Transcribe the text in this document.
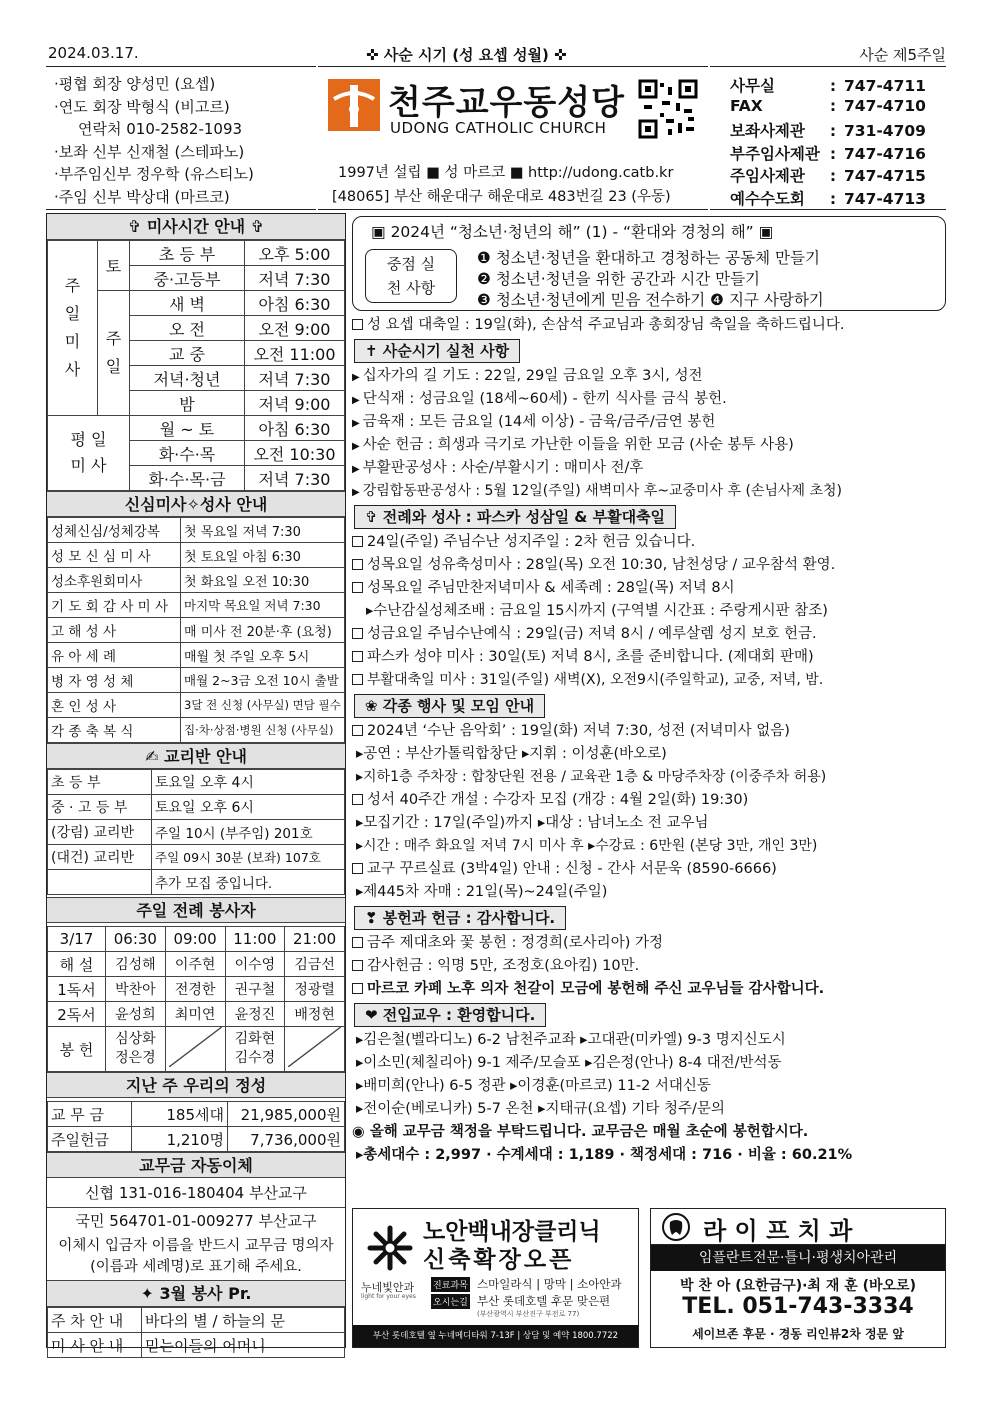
2024.03.17.	✜ 사순 시기 (성 요셉 성월) ✜	사순 제5주일
·평협 회장 양성민 (요셉)
·연도 회장 박형식 (비고르)
연락처 010-2582-1093
·보좌 신부 신재철 (스테파노)
·부주임신부 정우학 (유스티노)
·주임 신부 박상대 (마르코)
천주교우동성당
UDONG CATHOLIC CHURCH
1997년 설립 ■ 성 마르코 ■ http://udong.catb.kr
[48065] 부산 해운대구 해운대로 483번길 23 (우동)
사무실	: 747-4711
FAX	: 747-4710
보좌사제관 : 731-4709
부주임사제관 : 747-4716
주임사제관 : 747-4715
예수수도회 : 747-4713
✞ 미사시간 안내 ✞
주 일 미 사	토	초 등 부	오후 5:00
		중·고등부	저녁 7:30
	주 일	새 벽	아침 6:30
		오 전	오전 9:00
		교 중	오전 11:00
		저녁·청년	저녁 7:30
		밤	저녁 9:00
평 일 미 사		월 ~ 토	아침 6:30
		화·수·목	오전 10:30
		화·수·목·금	저녁 7:30
신심미사✧성사 안내
성체신심/성체강복	첫 목요일 저녁 7:30
성 모 신 심 미 사	첫 토요일 아침 6:30
성소후원회미사	첫 화요일 오전 10:30
기 도 회 감 사 미 사	마지막 목요일 저녁 7:30
고 해 성 사	매 미사 전 20분·후 (요청)
유 아 세 례	매월 첫 주일 오후 5시
병 자 영 성 체	매월 2~3금 오전 10시 출발
혼 인 성 사	3달 전 신청 (사무실) 면담 필수
각 종 축 복 식	집·차·상점·병원 신청 (사무실)
✍ 교리반 안내
초 등 부	토요일 오후 4시
중 · 고 등 부	토요일 오후 6시
(강림) 교리반	주일 10시 (부주임) 201호
(대건) 교리반	주일 09시 30분 (보좌) 107호
	추가 모집 중입니다.
주일 전례 봉사자
3/17	06:30	09:00	11:00	21:00
해 설	김성해	이주현	이수영	김금선
1독서	박찬아	전경한	권구철	정광렬
2독서	윤성희	최미연	윤정진	배정현
봉 헌	심상화 정은경		김화현 김수경	
지난 주 우리의 정성
교 무 금	185세대	21,985,000원
주일헌금	1,210명	7,736,000원
교무금 자동이체
신협 131-016-180404 부산교구
국민 564701-01-009277 부산교구
이체시 입금자 이름을 반드시 교무금 명의자(이름과 세례명)로 표기해 주세요.
✦ 3월 봉사 Pr.
주 차 안 내	바다의 별 / 하늘의 문
미 사 안 내	믿는이들의 어머니
▣ 2024년 “청소년·청년의 해” (1) - “환대와 경청의 해” ▣
중점 실천 사항
❶ 청소년·청년을 환대하고 경청하는 공동체 만들기
❷ 청소년·청년을 위한 공간과 시간 만들기
❸ 청소년·청년에게 믿음 전수하기 ❹ 지구 사랑하기
성 요셉 대축일 : 19일(화), 손삼석 주교님과 총회장님 축일을 축하드립니다.
✝ 사순시기 실천 사항
▶ 십자가의 길 기도 : 22일, 29일 금요일 오후 3시, 성전
▶ 단식재 : 성금요일 (18세~60세) - 한끼 식사를 금식 봉헌.
▶ 금육재 : 모든 금요일 (14세 이상) - 금육/금주/금연 봉헌
▶ 사순 헌금 : 희생과 극기로 가난한 이들을 위한 모금 (사순 봉투 사용)
▶ 부활판공성사 : 사순/부활시기 : 매미사 전/후
▶ 강림합동판공성사 : 5월 12일(주일) 새벽미사 후~교중미사 후 (손님사제 초청)
✞ 전례와 성사 : 파스카 성삼일 & 부활대축일
24일(주일) 주님수난 성지주일 : 2차 헌금 있습니다.
성목요일 성유축성미사 : 28일(목) 오전 10:30, 남천성당 / 교우참석 환영.
성목요일 주님만찬저녁미사 & 세족례 : 28일(목) 저녁 8시
▸수난감실성체조배 : 금요일 15시까지 (구역별 시간표 : 주랑게시판 참조)
성금요일 주님수난예식 : 29일(금) 저녁 8시 / 예루살렘 성지 보호 헌금.
파스카 성야 미사 : 30일(토) 저녁 8시, 초를 준비합니다. (제대회 판매)
부활대축일 미사 : 31일(주일) 새벽(X), 오전9시(주일학교), 교중, 저녁, 밤.
❀ 각종 행사 및 모임 안내
2024년 ‘수난 음악회’ : 19일(화) 저녁 7:30, 성전 (저녁미사 없음)
▸공연 : 부산가톨릭합창단 ▸지휘 : 이성훈(바오로)
▸지하1층 주차장 : 합창단원 전용 / 교육관 1층 & 마당주차장 (이중주차 허용)
성서 40주간 개설 : 수강자 모집 (개강 : 4월 2일(화) 19:30)
▸모집기간 : 17일(주일)까지 ▸대상 : 남녀노소 전 교우님
▸시간 : 매주 화요일 저녁 7시 미사 후 ▸수강료 : 6만원 (본당 3만, 개인 3만)
교구 꾸르실료 (3박4일) 안내 : 신청 - 간사 서문욱 (8590-6666)
▸제445차 자매 : 21일(목)~24일(주일)
❣ 봉헌과 헌금 : 감사합니다.
금주 제대초와 꽃 봉헌 : 정경희(로사리아) 가정
감사헌금 : 익명 5만, 조정호(요아킴) 10만.
마르코 카페 노후 의자 천갈이 모금에 봉헌해 주신 교우님들 감사합니다.
❤ 전입교우 : 환영합니다.
▸김은철(벨라디노) 6-2 남천주교좌 ▸고대관(미카엘) 9-3 명지신도시
▸이소민(체칠리아) 9-1 제주/모슬포 ▸김은정(안나) 8-4 대전/반석동
▸배미희(안나) 6-5 정관 ▸이경훈(마르코) 11-2 서대신동
▸전이순(베로니카) 5-7 온천 ▸지태규(요셉) 기타 청주/문의
◉ 올해 교무금 책정을 부탁드립니다. 교무금은 매월 초순에 봉헌합시다.
▸총세대수 : 2,997 · 수계세대 : 1,189 · 책정세대 : 716 · 비율 : 60.21%
노안백내장클리닉
신축확장오픈
누네빛안과
light for your eyes
진료과목 스마일라식 | 망막 | 소아안과
오시는길 부산 롯데호텔 후문 맞은편
(부산광역시 부산진구 부전로 77)
부산 롯데호텔 옆 누네메디타워 7-13F | 상담 및 예약 1800.7722
라 이 프 치 과
임플란트전문·틀니·평생치아관리
박 찬 아 (요한금구)·최 재 훈 (바오로)
TEL. 051-743-3334
세이브존 후문 · 경동 리인뷰2차 정문 앞
